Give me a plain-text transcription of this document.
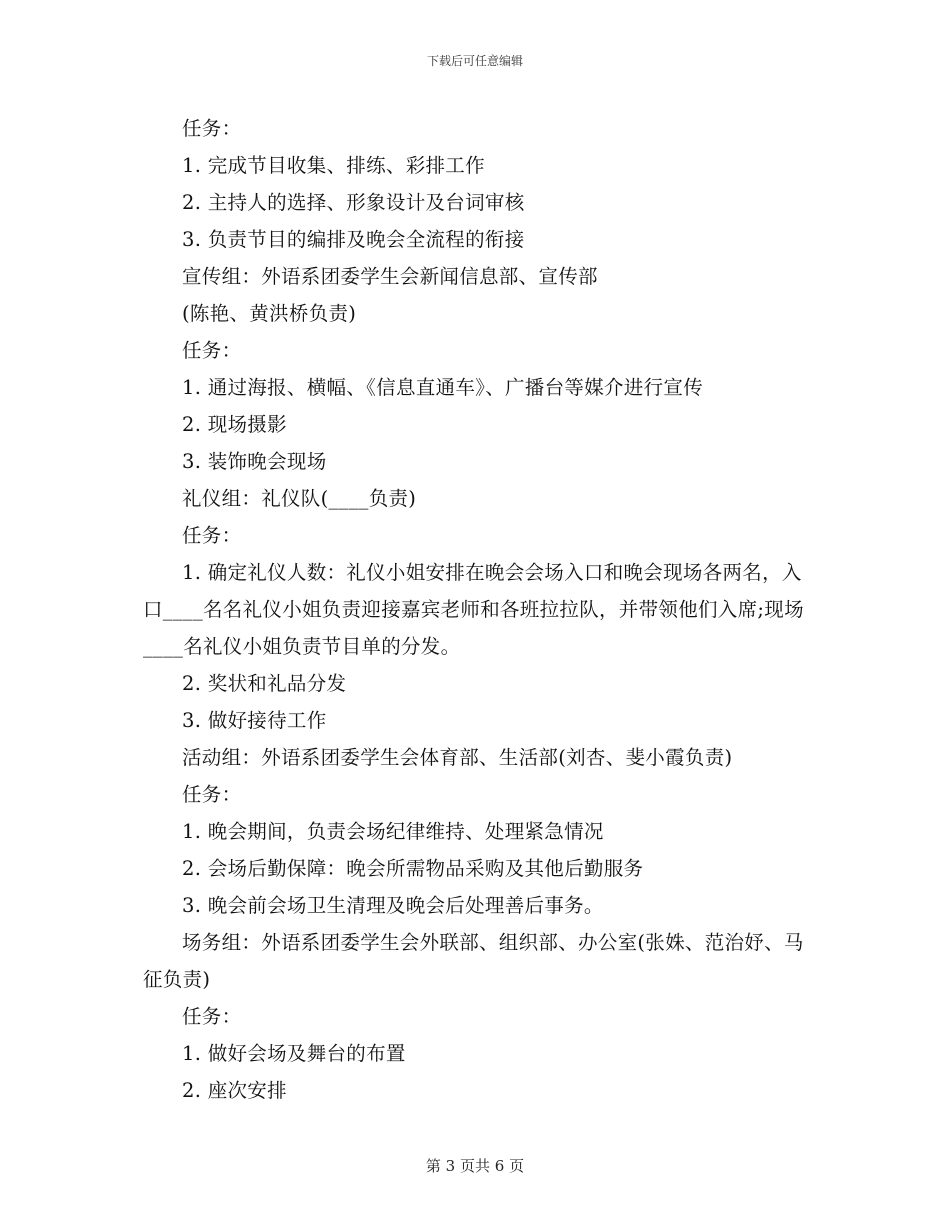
下载后可任意编辑

任务：

1. 完成节目收集、排练、彩排工作

2. 主持人的选择、形象设计及台词审核

3. 负责节目的编排及晚会全流程的衔接

宣传组：外语系团委学生会新闻信息部、宣传部

(陈艳、黄洪桥负责)

任务：

1. 通过海报、横幅、《信息直通车》、广播台等媒介进行宣传

2. 现场摄影

3. 装饰晚会现场

礼仪组：礼仪队(____负责)

任务：

1. 确定礼仪人数：礼仪小姐安排在晚会会场入口和晚会现场各两名，入口____名名礼仪小姐负责迎接嘉宾老师和各班拉拉队，并带领他们入席;现场____名礼仪小姐负责节目单的分发。

2. 奖状和礼品分发

3. 做好接待工作

活动组：外语系团委学生会体育部、生活部(刘杏、斐小霞负责)

任务：

1. 晚会期间，负责会场纪律维持、处理紧急情况

2. 会场后勤保障：晚会所需物品采购及其他后勤服务

3. 晚会前会场卫生清理及晚会后处理善后事务。

场务组：外语系团委学生会外联部、组织部、办公室(张姝、范治妤、马征负责)

任务：

1. 做好会场及舞台的布置

2. 座次安排

第 3 页共 6 页
